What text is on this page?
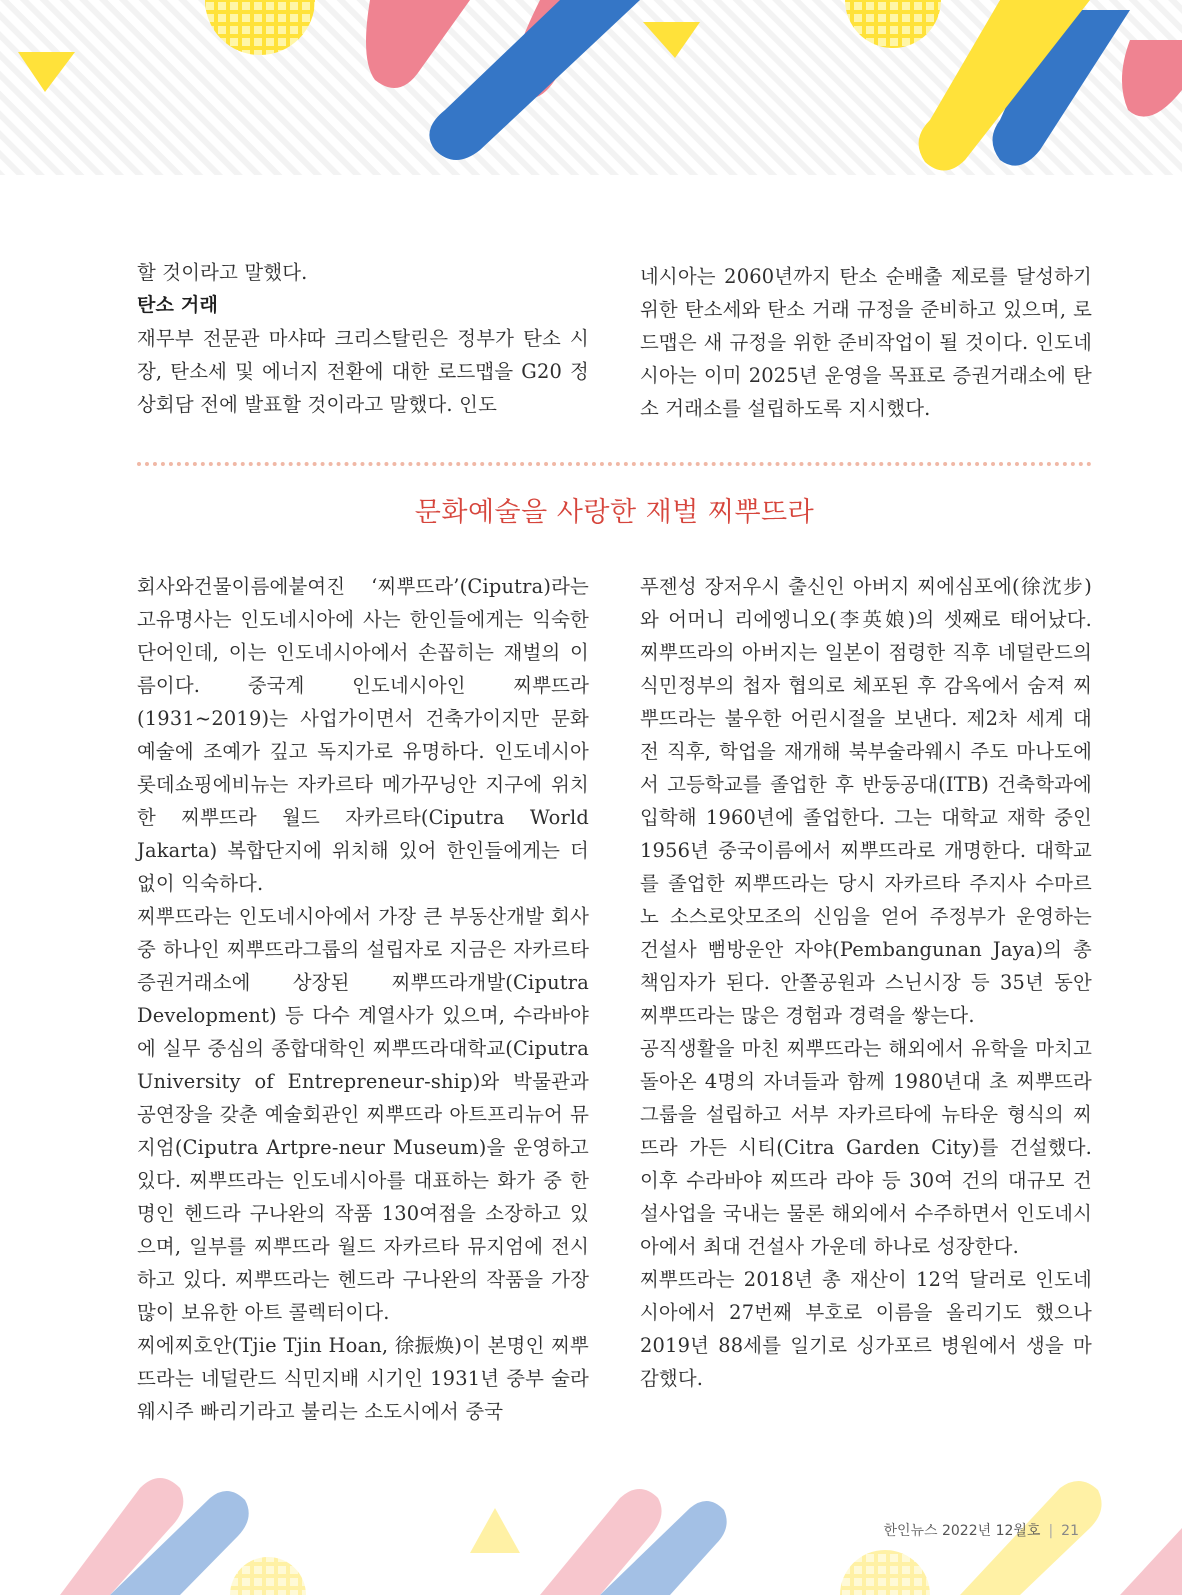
할 것이라고 말했다.

탄소 거래

재무부 전문관 마샤따 크리스탈린은 정부가 탄소 시장, 탄소세 및 에너지 전환에 대한 로드맵을 G20 정상회담 전에 발표할 것이라고 말했다. 인도

네시아는 2060년까지 탄소 순배출 제로를 달성하기 위한 탄소세와 탄소 거래 규정을 준비하고 있으며, 로드맵은 새 규정을 위한 준비작업이 될 것이다. 인도네시아는 이미 2025년 운영을 목표로 증권거래소에 탄소 거래소를 설립하도록 지시했다.

문화예술을 사랑한 재벌 찌뿌뜨라

회사와건물이름에붙여진 ‘찌뿌뜨라’(Ciputra)라는 고유명사는 인도네시아에 사는 한인들에게는 익숙한 단어인데, 이는 인도네시아에서 손꼽히는 재벌의 이름이다. 중국계 인도네시아인 찌뿌뜨라(1931~2019)는 사업가이면서 건축가이지만 문화예술에 조예가 깊고 독지가로 유명하다. 인도네시아 롯데쇼핑에비뉴는 자카르타 메가꾸닝안 지구에 위치한 찌뿌뜨라 월드 자카르타(Ciputra World Jakarta) 복합단지에 위치해 있어 한인들에게는 더없이 익숙하다.

찌뿌뜨라는 인도네시아에서 가장 큰 부동산개발 회사 중 하나인 찌뿌뜨라그룹의 설립자로 지금은 자카르타증권거래소에 상장된 찌뿌뜨라개발(Ciputra Development) 등 다수 계열사가 있으며, 수라바야에 실무 중심의 종합대학인 찌뿌뜨라대학교(Ciputra University of Entrepreneur-ship)와 박물관과 공연장을 갖춘 예술회관인 찌뿌뜨라 아트프리뉴어 뮤지엄(Ciputra Artpre-neur Museum)을 운영하고 있다. 찌뿌뜨라는 인도네시아를 대표하는 화가 중 한 명인 헨드라 구나완의 작품 130여점을 소장하고 있으며, 일부를 찌뿌뜨라 월드 자카르타 뮤지엄에 전시하고 있다. 찌뿌뜨라는 헨드라 구나완의 작품을 가장 많이 보유한 아트 콜렉터이다.

찌에찌호안(Tjie Tjin Hoan, 徐振焕)이 본명인 찌뿌뜨라는 네덜란드 식민지배 시기인 1931년 중부 술라웨시주 빠리기라고 불리는 소도시에서 중국

푸젠성 장저우시 출신인 아버지 찌에심포에(徐沈步)와 어머니 리에엥니오(李英娘)의 셋째로 태어났다. 찌뿌뜨라의 아버지는 일본이 점령한 직후 네덜란드의 식민정부의 첩자 협의로 체포된 후 감옥에서 숨져 찌뿌뜨라는 불우한 어린시절을 보낸다. 제2차 세계 대전 직후, 학업을 재개해 북부술라웨시 주도 마나도에서 고등학교를 졸업한 후 반둥공대(ITB) 건축학과에 입학해 1960년에 졸업한다. 그는 대학교 재학 중인 1956년 중국이름에서 찌뿌뜨라로 개명한다. 대학교를 졸업한 찌뿌뜨라는 당시 자카르타 주지사 수마르노 소스로앗모조의 신임을 얻어 주정부가 운영하는 건설사 뻠방운안 자야(Pembangunan Jaya)의 총책임자가 된다. 안쫄공원과 스닌시장 등 35년 동안 찌뿌뜨라는 많은 경험과 경력을 쌓는다.

공직생활을 마친 찌뿌뜨라는 해외에서 유학을 마치고 돌아온 4명의 자녀들과 함께 1980년대 초 찌뿌뜨라그룹을 설립하고 서부 자카르타에 뉴타운 형식의 찌뜨라 가든 시티(Citra Garden City)를 건설했다. 이후 수라바야 찌뜨라 라야 등 30여 건의 대규모 건설사업을 국내는 물론 해외에서 수주하면서 인도네시아에서 최대 건설사 가운데 하나로 성장한다.

찌뿌뜨라는 2018년 총 재산이 12억 달러로 인도네시아에서 27번째 부호로 이름을 올리기도 했으나 2019년 88세를 일기로 싱가포르 병원에서 생을 마감했다.

한인뉴스 2022년 12월호 | 21
